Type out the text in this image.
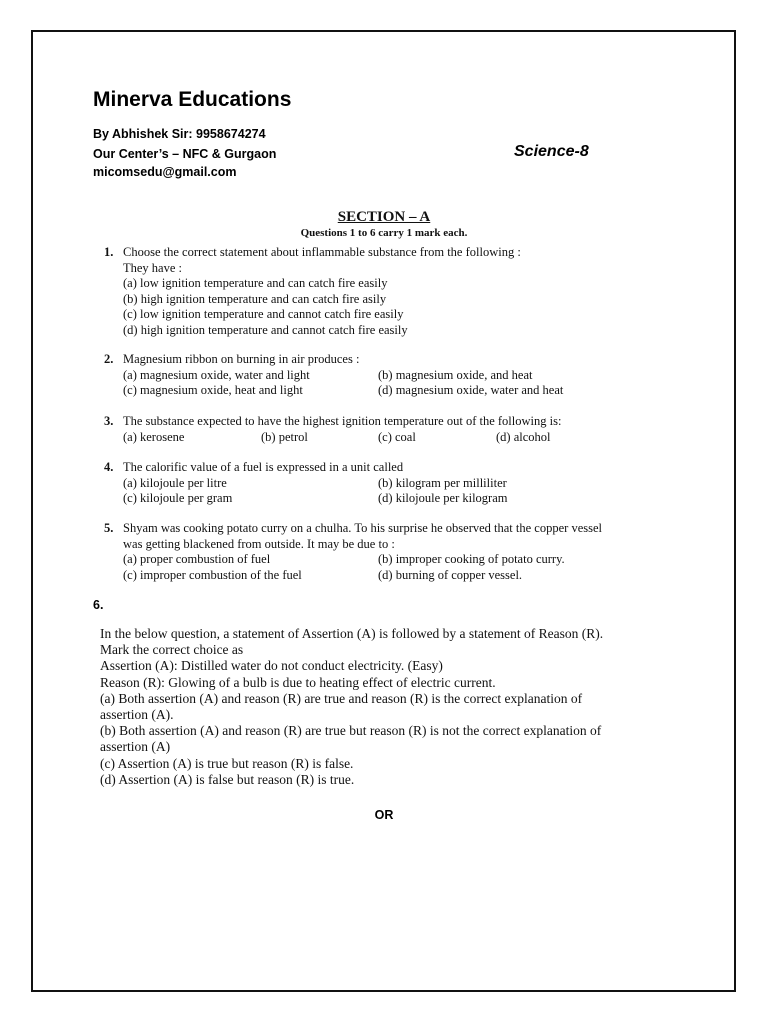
Minerva Educations
By Abhishek Sir: 9958674274
Our Center’s – NFC & Gurgaon
micomsedu@gmail.com
Science-8
SECTION – A
Questions 1 to 6 carry 1 mark each.
1. Choose the correct statement about inflammable substance from the following :
They have :
(a) low ignition temperature and can catch fire easily
(b) high ignition temperature and can catch fire asily
(c) low ignition temperature and cannot catch fire easily
(d) high ignition temperature and cannot catch fire easily
2. Magnesium ribbon on burning in air produces :
(a) magnesium oxide, water and light	(b) magnesium oxide, and heat
(c) magnesium oxide, heat and light	(d) magnesium oxide, water and heat
3. The substance expected to have the highest ignition temperature out of the following is:
(a) kerosene	(b) petrol	(c) coal	(d) alcohol
4. The calorific value of a fuel is expressed in a unit called
(a) kilojoule per litre	(b) kilogram per milliliter
(c) kilojoule per gram	(d) kilojoule per kilogram
5. Shyam was cooking potato curry on a chulha. To his surprise he observed that the copper vessel
was getting blackened from outside. It may be due to :
(a) proper combustion of fuel	(b) improper cooking of potato curry.
(c) improper combustion of the fuel	(d) burning of copper vessel.
6.
In the below question, a statement of Assertion (A) is followed by a statement of Reason (R).
Mark the correct choice as
Assertion (A): Distilled water do not conduct electricity. (Easy)
Reason (R): Glowing of a bulb is due to heating effect of electric current.
(a) Both assertion (A) and reason (R) are true and reason (R) is the correct explanation of
assertion (A).
(b) Both assertion (A) and reason (R) are true but reason (R) is not the correct explanation of
assertion (A)
(c) Assertion (A) is true but reason (R) is false.
(d) Assertion (A) is false but reason (R) is true.
OR
